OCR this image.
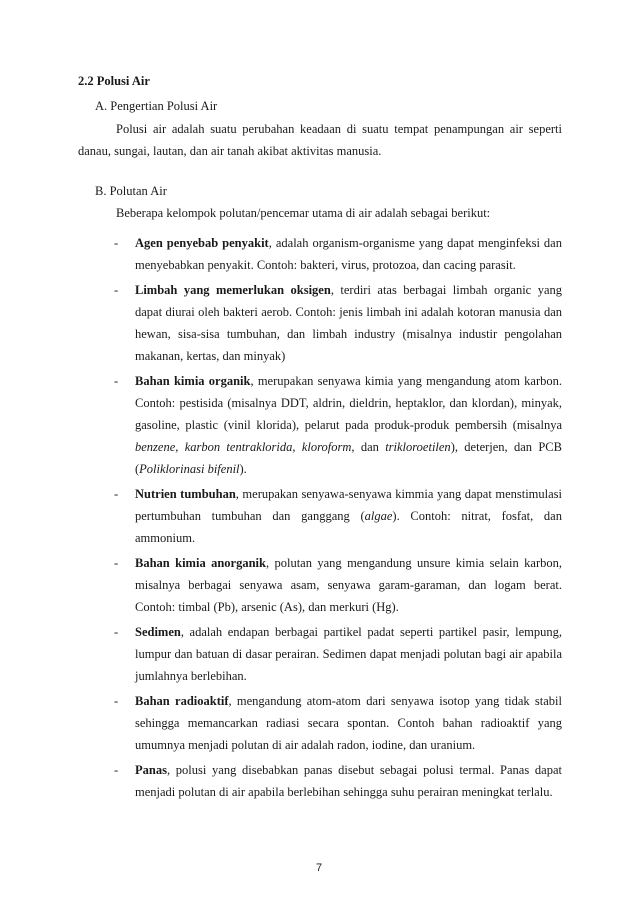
2.2 Polusi Air
A. Pengertian Polusi Air

Polusi air adalah suatu perubahan keadaan di suatu tempat penampungan air seperti danau, sungai, lautan, dan air tanah akibat aktivitas manusia.

B. Polutan Air
Beberapa kelompok polutan/pencemar utama di air adalah sebagai berikut:
- Agen penyebab penyakit, adalah organism-organisme yang dapat menginfeksi dan menyebabkan penyakit. Contoh: bakteri, virus, protozoa, dan cacing parasit.
- Limbah yang memerlukan oksigen, terdiri atas berbagai limbah organic yang dapat diurai oleh bakteri aerob. Contoh: jenis limbah ini adalah kotoran manusia dan hewan, sisa-sisa tumbuhan, dan limbah industry (misalnya industir pengolahan makanan, kertas, dan minyak)
- Bahan kimia organik, merupakan senyawa kimia yang mengandung atom karbon. Contoh: pestisida (misalnya DDT, aldrin, dieldrin, heptaklor, dan klordan), minyak, gasoline, plastic (vinil klorida), pelarut pada produk-produk pembersih (misalnya benzene, karbon tentraklorida, kloroform, dan trikloroetilen), deterjen, dan PCB (Poliklorinasi bifenil).
- Nutrien tumbuhan, merupakan senyawa-senyawa kimmia yang dapat menstimulasi pertumbuhan tumbuhan dan ganggang (algae). Contoh: nitrat, fosfat, dan ammonium.
- Bahan kimia anorganik, polutan yang mengandung unsure kimia selain karbon, misalnya berbagai senyawa asam, senyawa garam-garaman, dan logam berat. Contoh: timbal (Pb), arsenic (As), dan merkuri (Hg).
- Sedimen, adalah endapan berbagai partikel padat seperti partikel pasir, lempung, lumpur dan batuan di dasar perairan. Sedimen dapat menjadi polutan bagi air apabila jumlahnya berlebihan.
- Bahan radioaktif, mengandung atom-atom dari senyawa isotop yang tidak stabil sehingga memancarkan radiasi secara spontan. Contoh bahan radioaktif yang umumnya menjadi polutan di air adalah radon, iodine, dan uranium.
- Panas, polusi yang disebabkan panas disebut sebagai polusi termal. Panas dapat menjadi polutan di air apabila berlebihan sehingga suhu perairan meningkat terlalu.
7
